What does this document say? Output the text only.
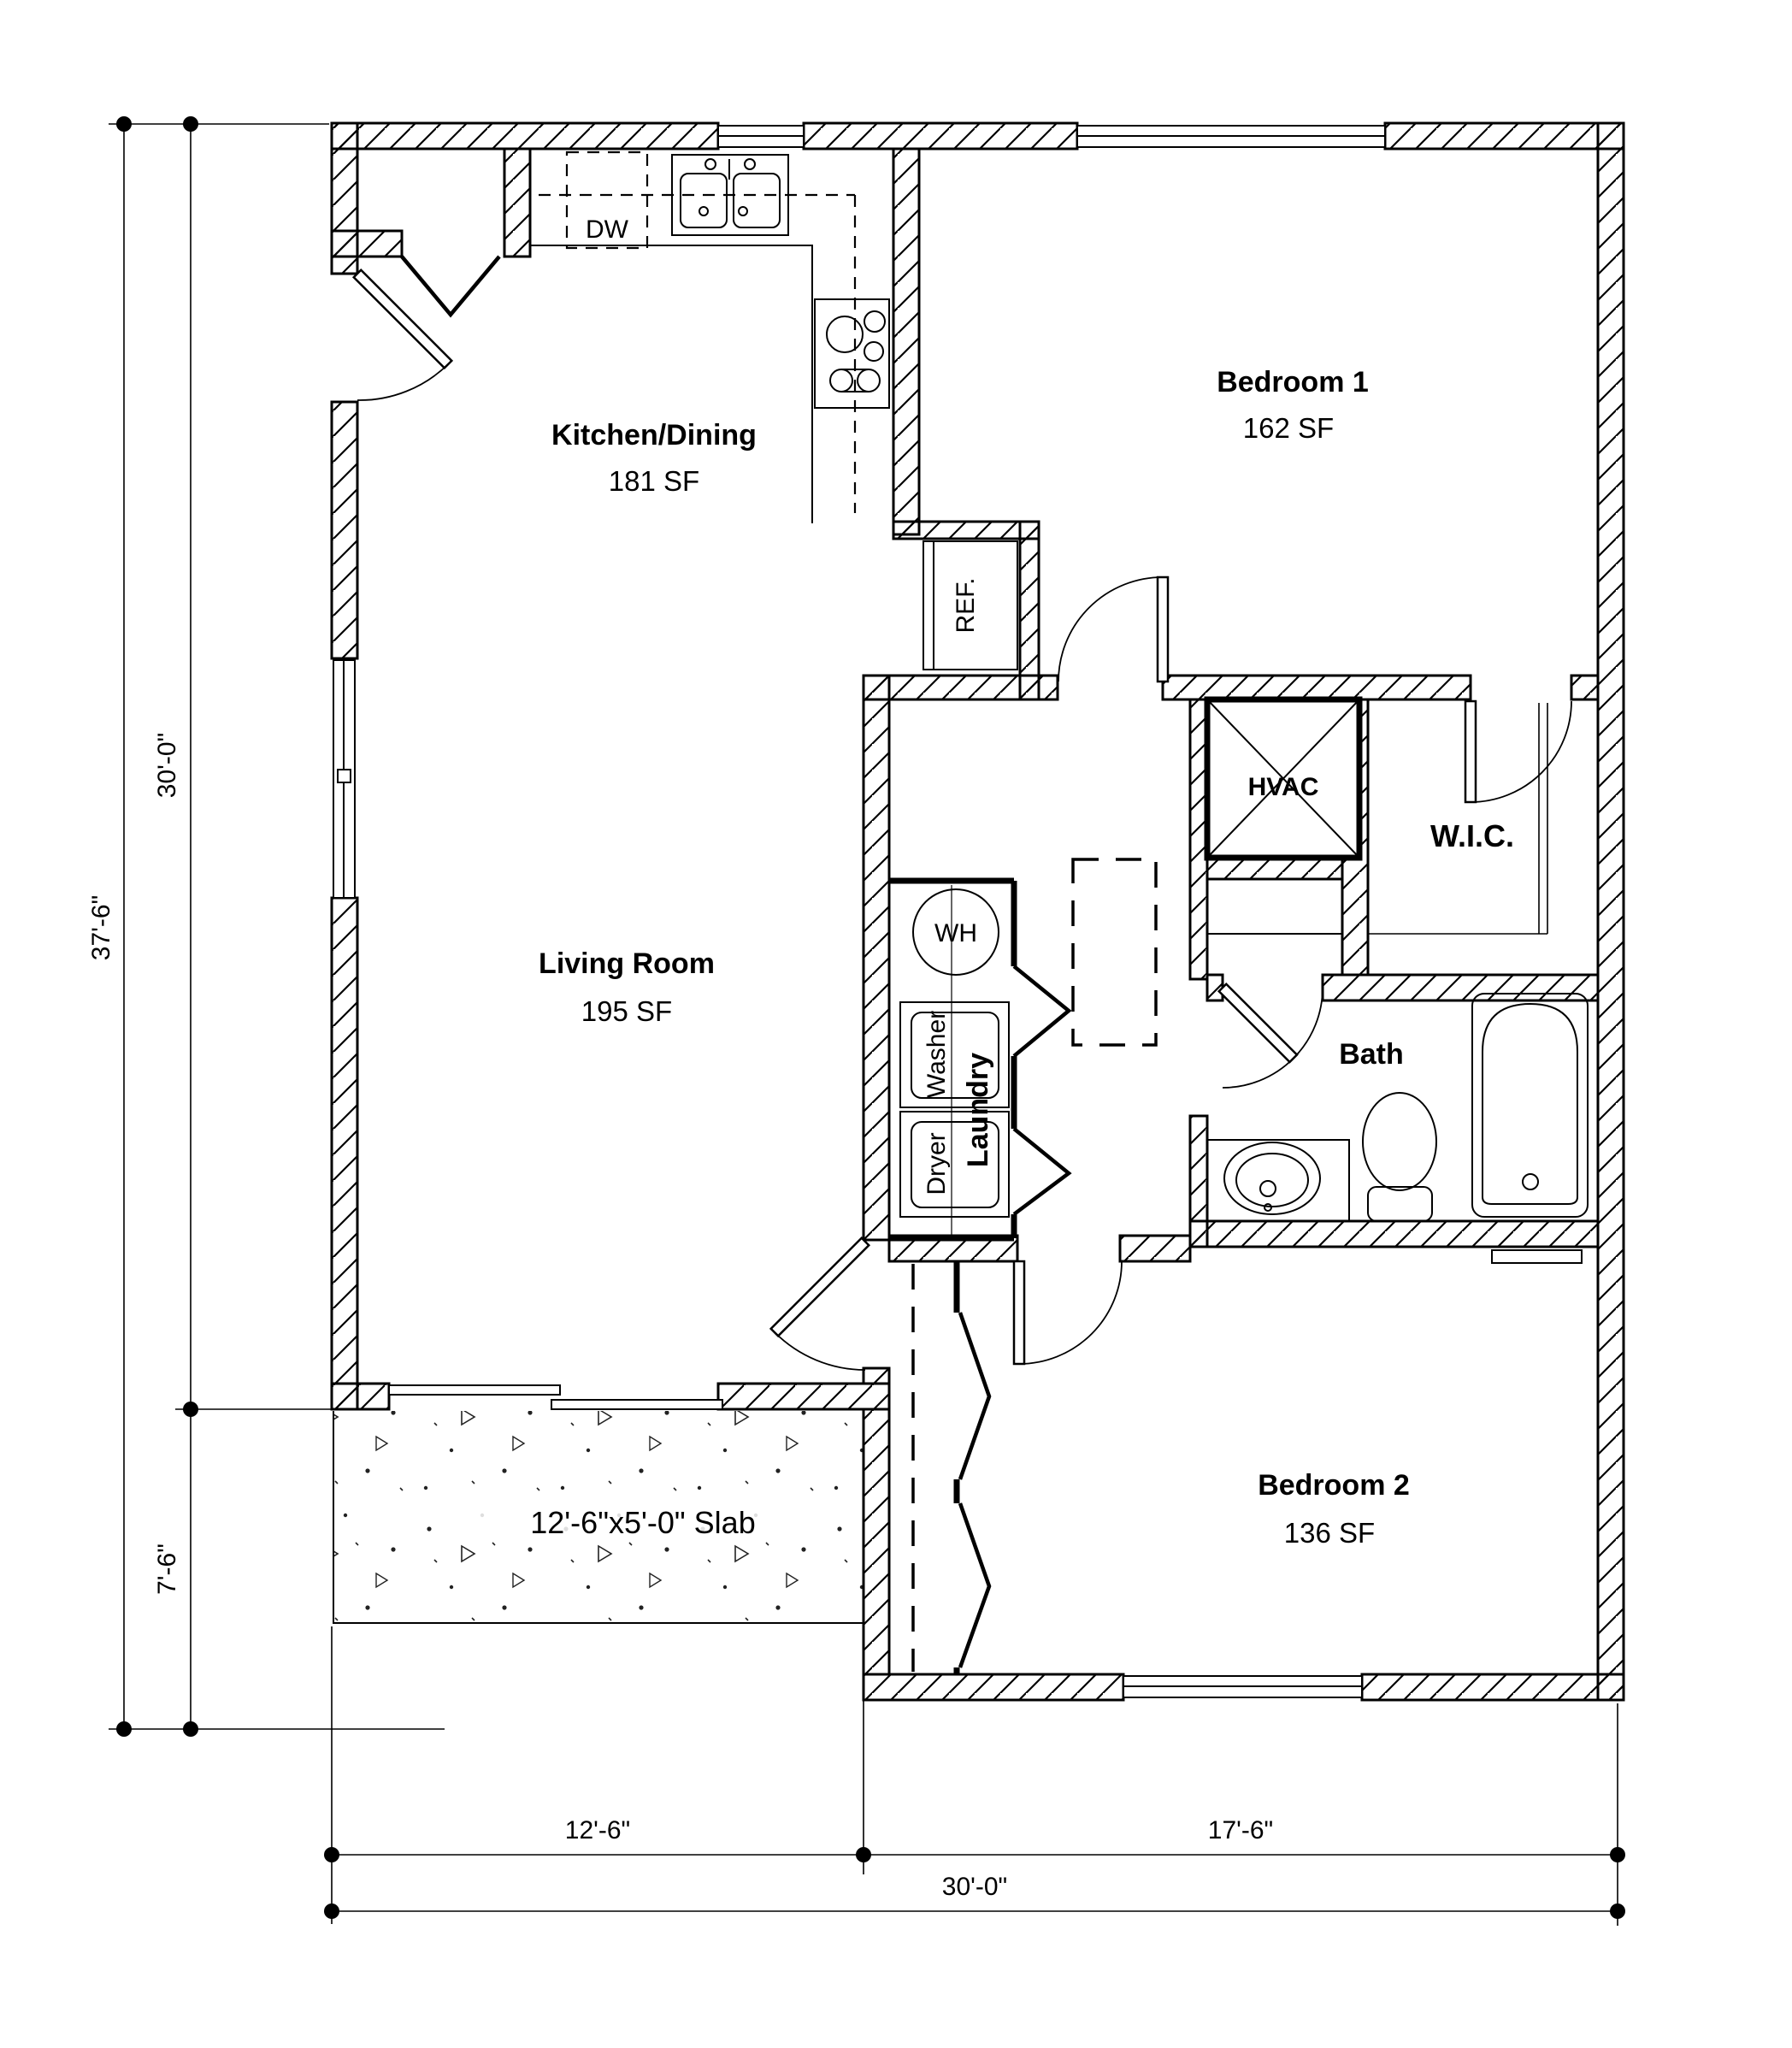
12'-6"x5'-0" Slab
DW
REF.
WH
Washer
Dryer Laundry
HVAC
W.I.C.
Bath
Kitchen/Dining
181 SF
Bedroom 1
162 SF
Living Room
195 SF
Bedroom 2
136 SF
30'-0"
37'-6"
7'-6"
12'-6"	17'-6"
30'-0"
